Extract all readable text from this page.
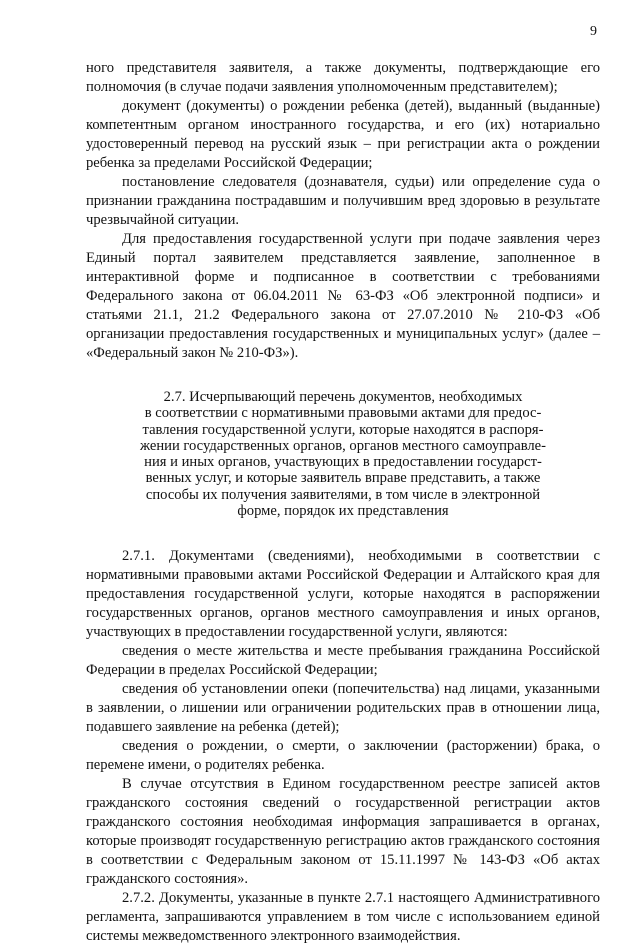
9

ного представителя заявителя, а также документы, подтверждающие его полномочия (в случае подачи заявления уполномоченным представителем);

документ (документы) о рождении ребенка (детей), выданный (выданные) компетентным органом иностранного государства, и его (их) нотариально удостоверенный перевод на русский язык – при регистрации акта о рождении ребенка за пределами Российской Федерации;

постановление следователя (дознавателя, судьи) или определение суда о признании гражданина пострадавшим и получившим вред здоровью в результате чрезвычайной ситуации.

Для предоставления государственной услуги при подаче заявления через Единый портал заявителем представляется заявление, заполненное в интерактивной форме и подписанное в соответствии с требованиями Федерального закона от 06.04.2011 № 63-ФЗ «Об электронной подписи» и статьями 21.1, 21.2 Федерального закона от 27.07.2010 № 210-ФЗ «Об организации предоставления государственных и муниципальных услуг» (далее – «Федеральный закон № 210-ФЗ»).

2.7. Исчерпывающий перечень документов, необходимых
в соответствии с нормативными правовыми актами для предос-
тавления государственной услуги, которые находятся в распоря-
жении государственных органов, органов местного самоуправле-
ния и иных органов, участвующих в предоставлении государст-
венных услуг, и которые заявитель вправе представить, а также
способы их получения заявителями, в том числе в электронной
форме, порядок их представления

2.7.1. Документами (сведениями), необходимыми в соответствии с нормативными правовыми актами Российской Федерации и Алтайского края для предоставления государственной услуги, которые находятся в распоряжении государственных органов, органов местного самоуправления и иных органов, участвующих в предоставлении государственной услуги, являются:

сведения о месте жительства и месте пребывания гражданина Российской Федерации в пределах Российской Федерации;

сведения об установлении опеки (попечительства) над лицами, указанными в заявлении, о лишении или ограничении родительских прав в отношении лица, подавшего заявление на ребенка (детей);

сведения о рождении, о смерти, о заключении (расторжении) брака, о перемене имени, о родителях ребенка.

В случае отсутствия в Едином государственном реестре записей актов гражданского состояния сведений о государственной регистрации актов гражданского состояния необходимая информация запрашивается в органах, которые производят государственную регистрацию актов гражданского состояния в соответствии с Федеральным законом от 15.11.1997 № 143-ФЗ «Об актах гражданского состояния».

2.7.2. Документы, указанные в пункте 2.7.1 настоящего Административного регламента, запрашиваются управлением в том числе с использованием единой системы межведомственного электронного взаимодействия.
